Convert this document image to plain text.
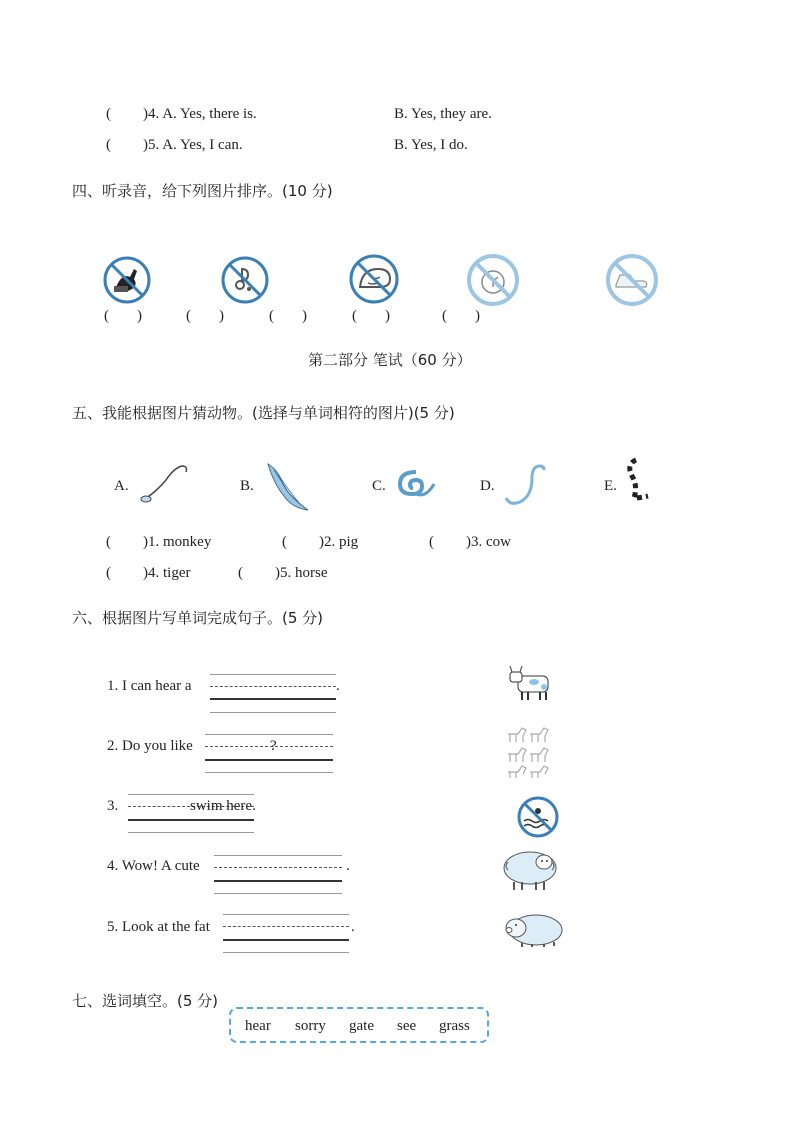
( )4. A. Yes, there is.	B. Yes, they are.
( )5. A. Yes, I can.	B. Yes, I do.
四、听录音，给下列图片排序。(10 分)
( )	( )	( )	( )	( )
第二部分 笔试（60 分）
五、我能根据图片猜动物。(选择与单词相符的图片)(5 分)
A.	B.	C.	D.	E.
( )1. monkey	( )2. pig	( )3. cow
( )4. tiger	( )5. horse
六、根据图片写单词完成句子。(5 分)
1. I can hear a	.
2. Do you like	?
3.	swim here.
4. Wow! A cute	.
5. Look at the fat	.
七、选词填空。(5 分)
hear sorry gate see grass
